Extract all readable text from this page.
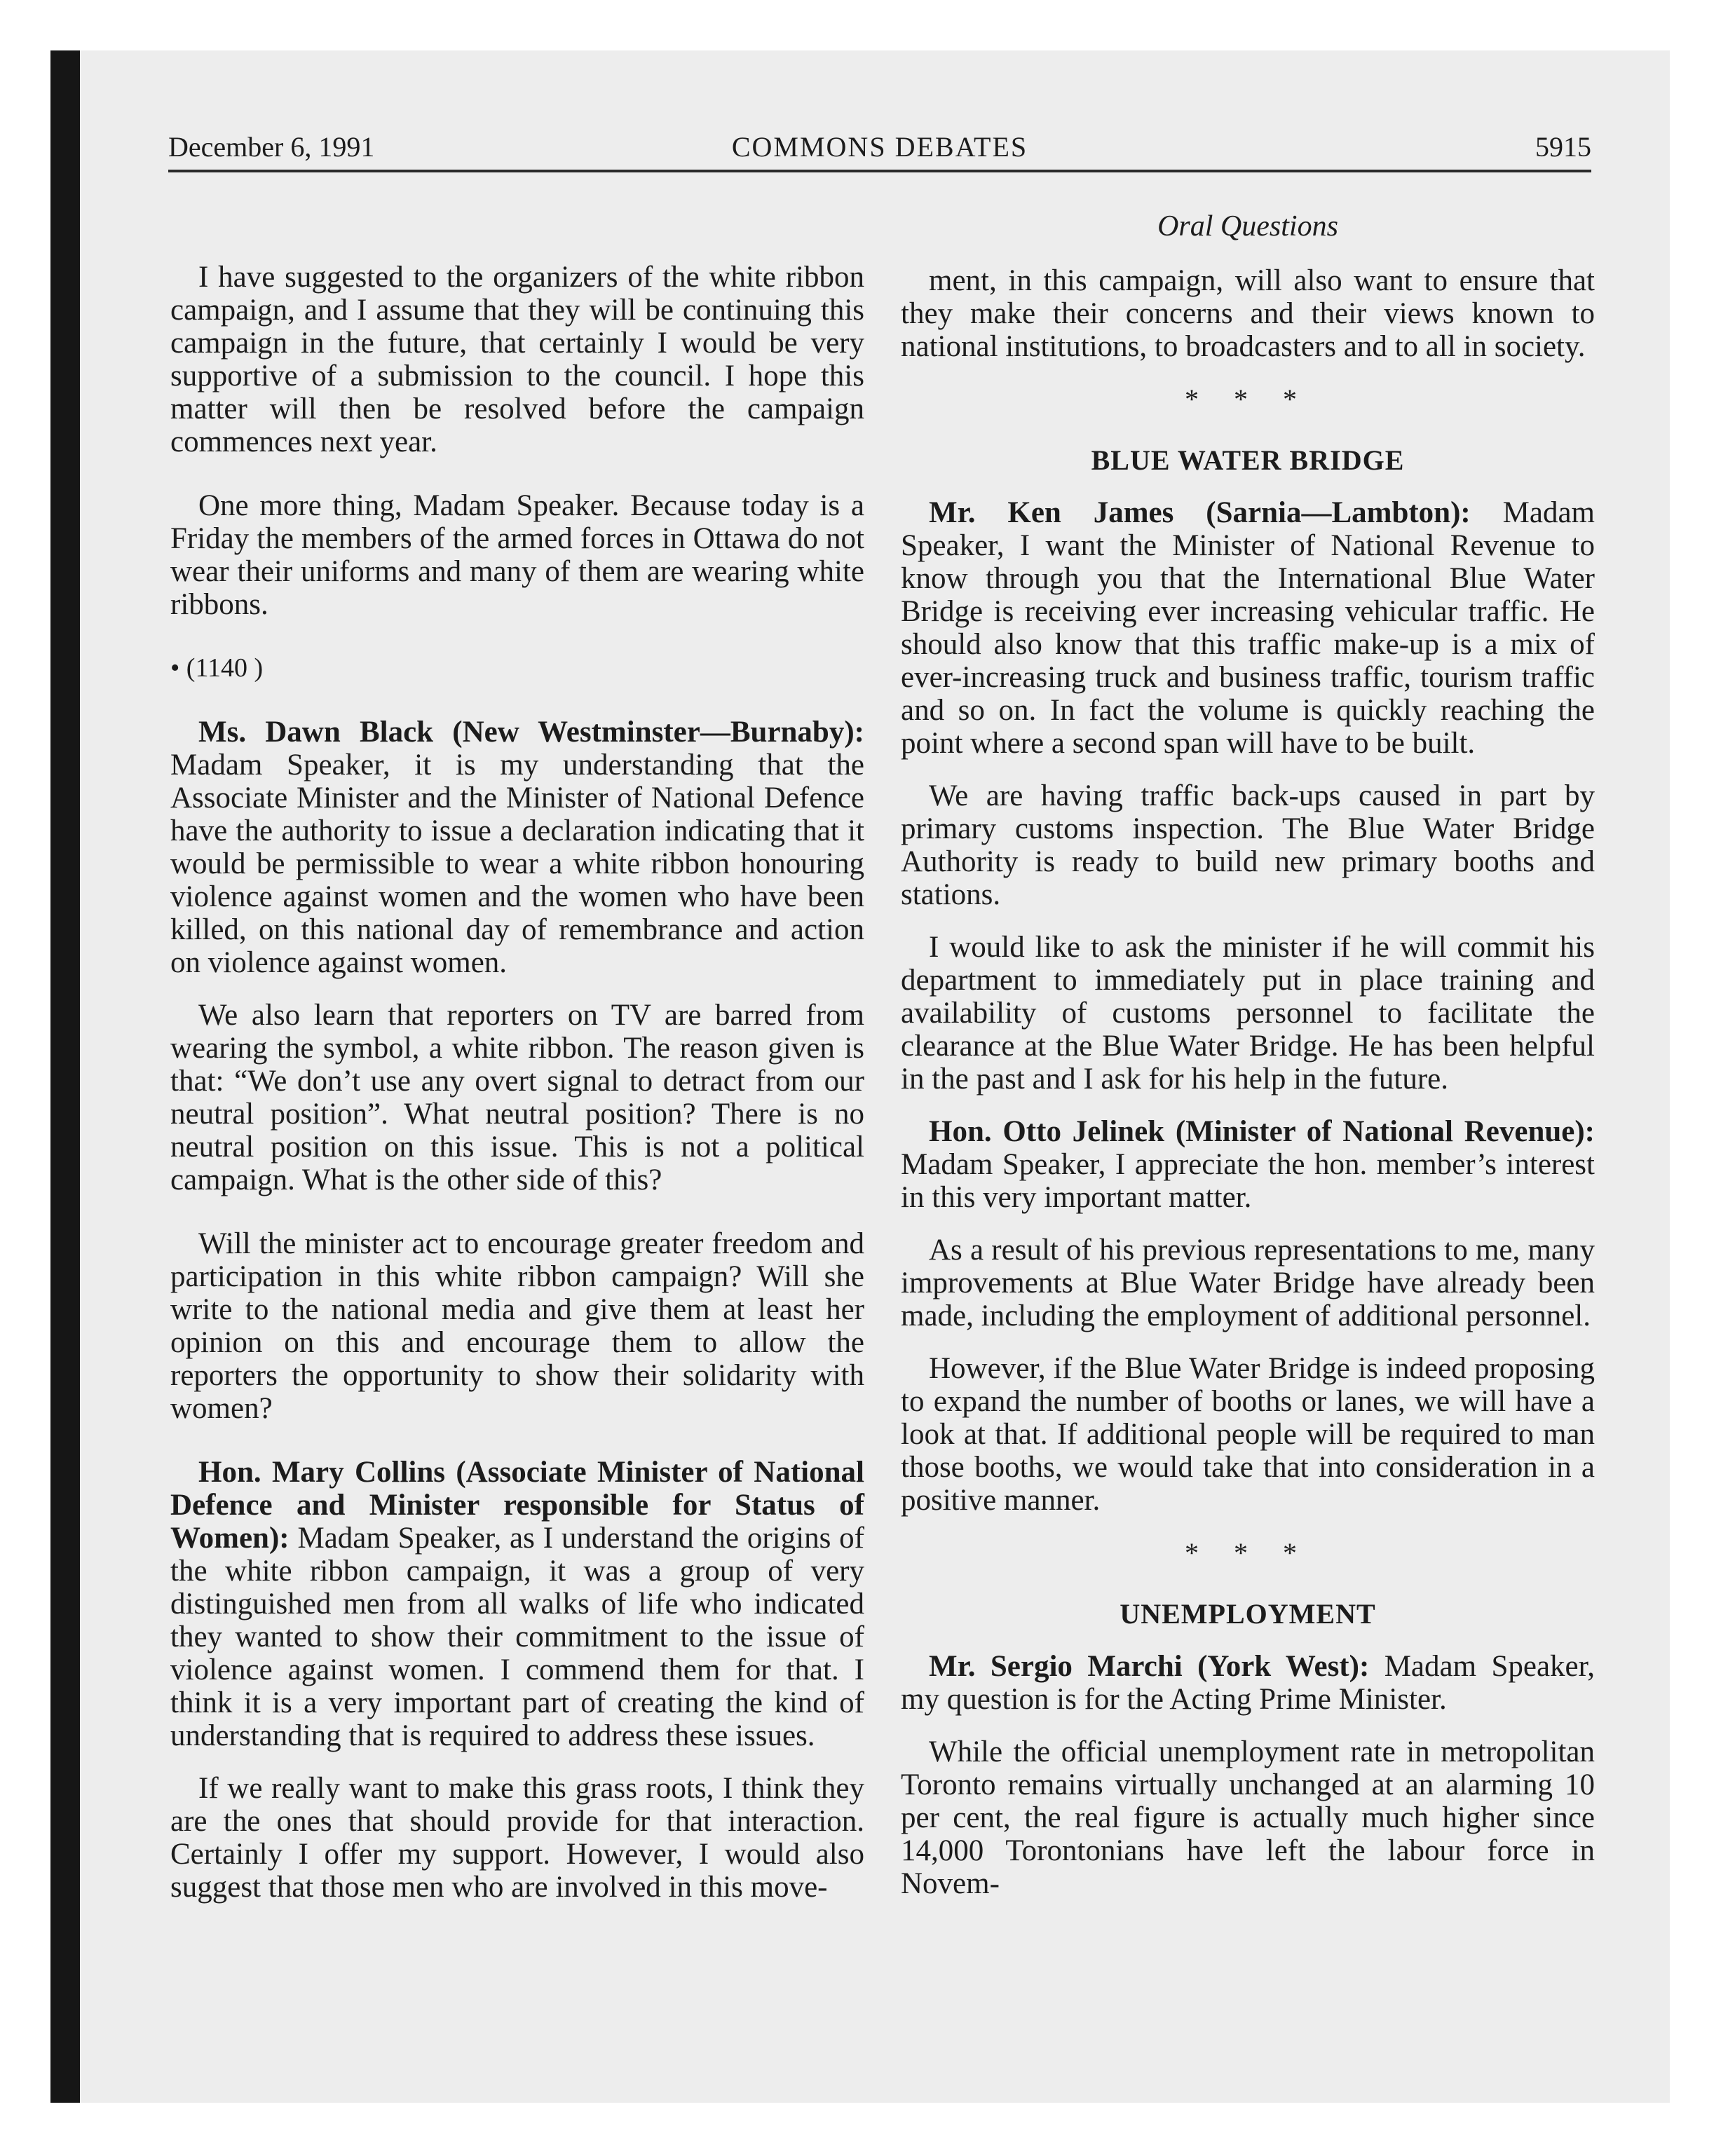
December 6, 1991	COMMONS DEBATES	5915

I have suggested to the organizers of the white ribbon campaign, and I assume that they will be continuing this campaign in the future, that certainly I would be very supportive of a submission to the council. I hope this matter will then be resolved before the campaign commences next year.

One more thing, Madam Speaker. Because today is a Friday the members of the armed forces in Ottawa do not wear their uniforms and many of them are wearing white ribbons.

• (1140 )

Ms. Dawn Black (New Westminster—Burnaby): Madam Speaker, it is my understanding that the Associate Minister and the Minister of National Defence have the authority to issue a declaration indicating that it would be permissible to wear a white ribbon honouring violence against women and the women who have been killed, on this national day of remembrance and action on violence against women.

We also learn that reporters on TV are barred from wearing the symbol, a white ribbon. The reason given is that: “We don’t use any overt signal to detract from our neutral position”. What neutral position? There is no neutral position on this issue. This is not a political campaign. What is the other side of this?

Will the minister act to encourage greater freedom and participation in this white ribbon campaign? Will she write to the national media and give them at least her opinion on this and encourage them to allow the reporters the opportunity to show their solidarity with women?

Hon. Mary Collins (Associate Minister of National Defence and Minister responsible for Status of Women): Madam Speaker, as I understand the origins of the white ribbon campaign, it was a group of very distinguished men from all walks of life who indicated they wanted to show their commitment to the issue of violence against women. I commend them for that. I think it is a very important part of creating the kind of understanding that is required to address these issues.

If we really want to make this grass roots, I think they are the ones that should provide for that interaction. Certainly I offer my support. However, I would also suggest that those men who are involved in this move-

Oral Questions

ment, in this campaign, will also want to ensure that they make their concerns and their views known to national institutions, to broadcasters and to all in society.

* * *
BLUE WATER BRIDGE

Mr. Ken James (Sarnia—Lambton): Madam Speaker, I want the Minister of National Revenue to know through you that the International Blue Water Bridge is receiving ever increasing vehicular traffic. He should also know that this traffic make-up is a mix of ever-increasing truck and business traffic, tourism traffic and so on. In fact the volume is quickly reaching the point where a second span will have to be built.

We are having traffic back-ups caused in part by primary customs inspection. The Blue Water Bridge Authority is ready to build new primary booths and stations.

I would like to ask the minister if he will commit his department to immediately put in place training and availability of customs personnel to facilitate the clearance at the Blue Water Bridge. He has been helpful in the past and I ask for his help in the future.

Hon. Otto Jelinek (Minister of National Revenue): Madam Speaker, I appreciate the hon. member’s interest in this very important matter.

As a result of his previous representations to me, many improvements at Blue Water Bridge have already been made, including the employment of additional personnel.

However, if the Blue Water Bridge is indeed proposing to expand the number of booths or lanes, we will have a look at that. If additional people will be required to man those booths, we would take that into consideration in a positive manner.

* * *
UNEMPLOYMENT

Mr. Sergio Marchi (York West): Madam Speaker, my question is for the Acting Prime Minister.

While the official unemployment rate in metropolitan Toronto remains virtually unchanged at an alarming 10 per cent, the real figure is actually much higher since 14,000 Torontonians have left the labour force in Novem-
